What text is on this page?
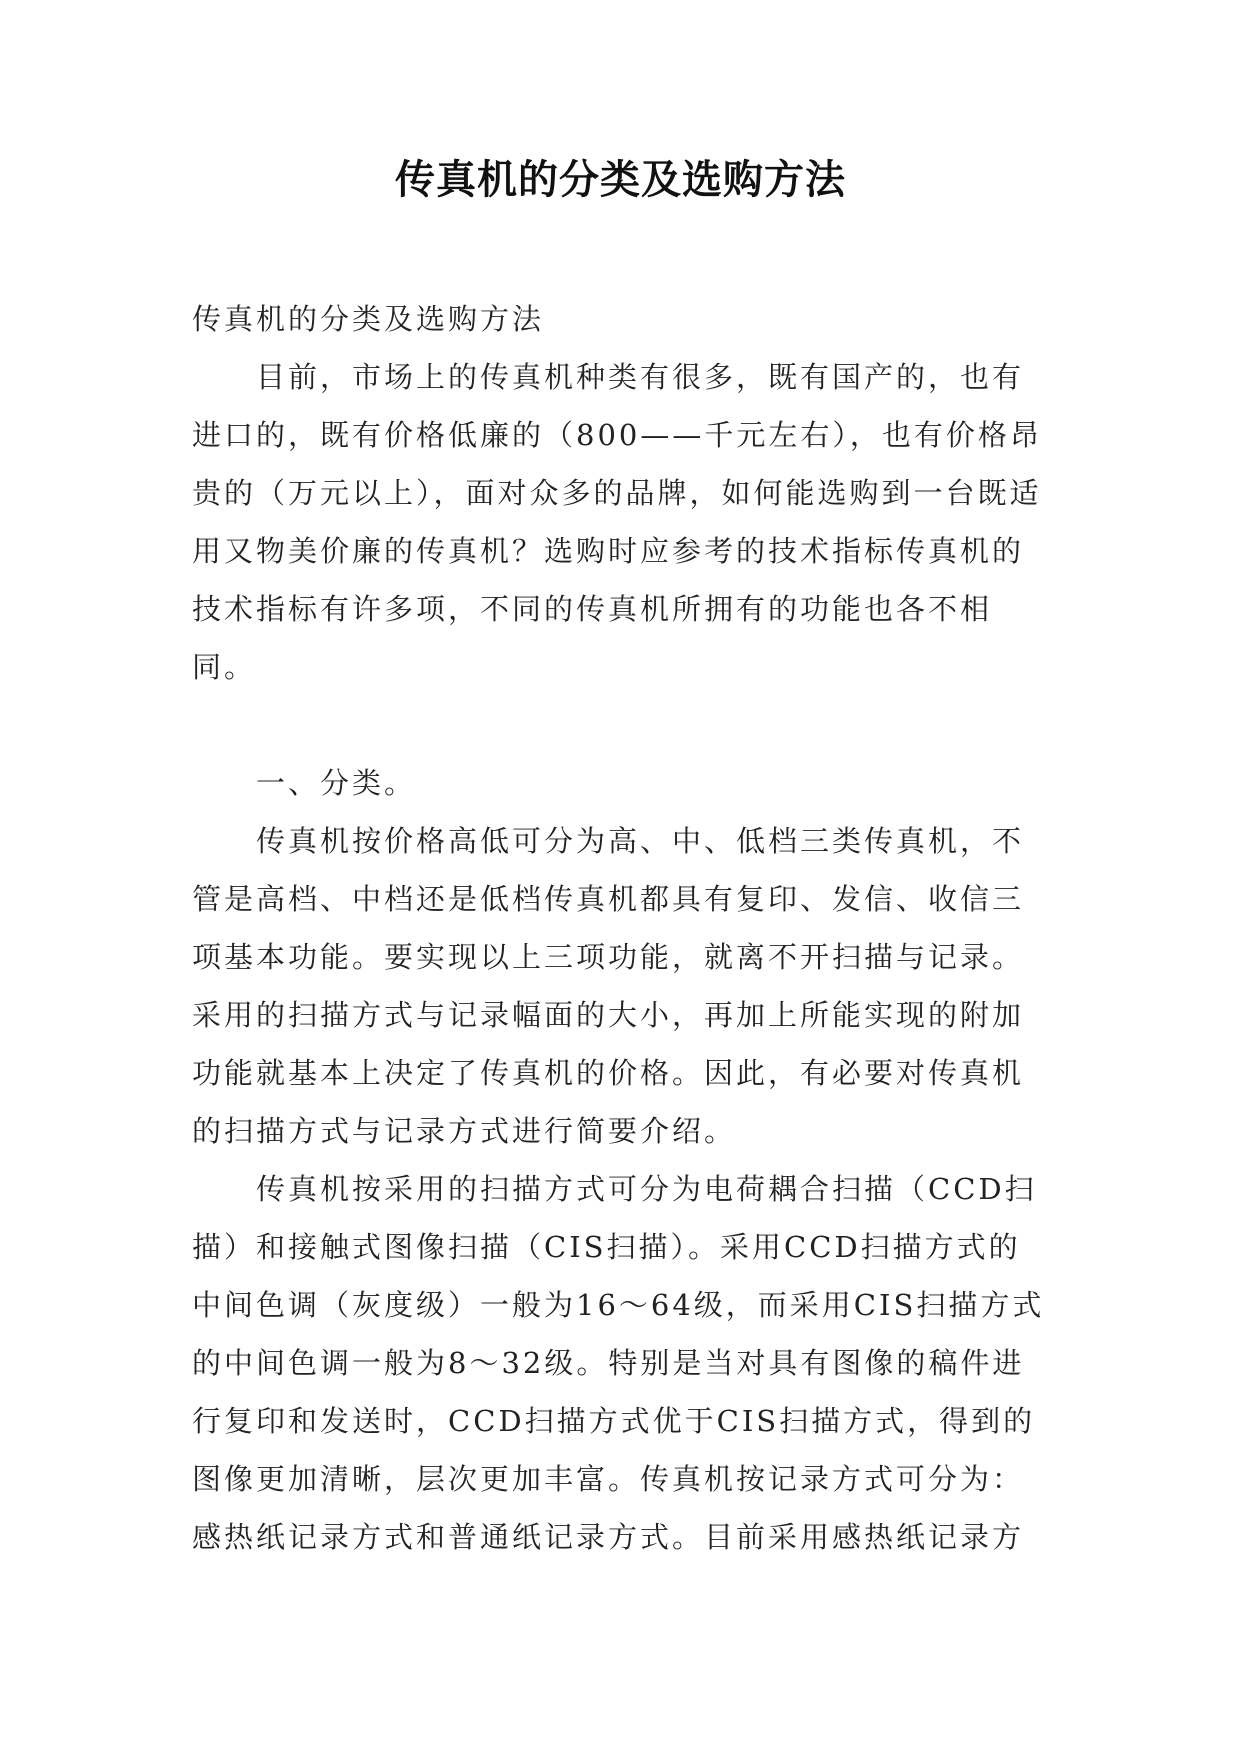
传真机的分类及选购方法

传真机的分类及选购方法

目前，市场上的传真机种类有很多，既有国产的，也有进口的，既有价格低廉的（800——千元左右），也有价格昂贵的（万元以上），面对众多的品牌，如何能选购到一台既适用又物美价廉的传真机？选购时应参考的技术指标传真机的技术指标有许多项，不同的传真机所拥有的功能也各不相同。

一、分类。

传真机按价格高低可分为高、中、低档三类传真机，不管是高档、中档还是低档传真机都具有复印、发信、收信三项基本功能。要实现以上三项功能，就离不开扫描与记录。采用的扫描方式与记录幅面的大小，再加上所能实现的附加功能就基本上决定了传真机的价格。因此，有必要对传真机的扫描方式与记录方式进行简要介绍。

传真机按采用的扫描方式可分为电荷耦合扫描（CCD扫描）和接触式图像扫描（CIS扫描）。采用CCD扫描方式的中间色调（灰度级）一般为16～64级，而采用CIS扫描方式的中间色调一般为8～32级。特别是当对具有图像的稿件进行复印和发送时，CCD扫描方式优于CIS扫描方式，得到的图像更加清晰，层次更加丰富。传真机按记录方式可分为：感热纸记录方式和普通纸记录方式。目前采用感热纸记录方
